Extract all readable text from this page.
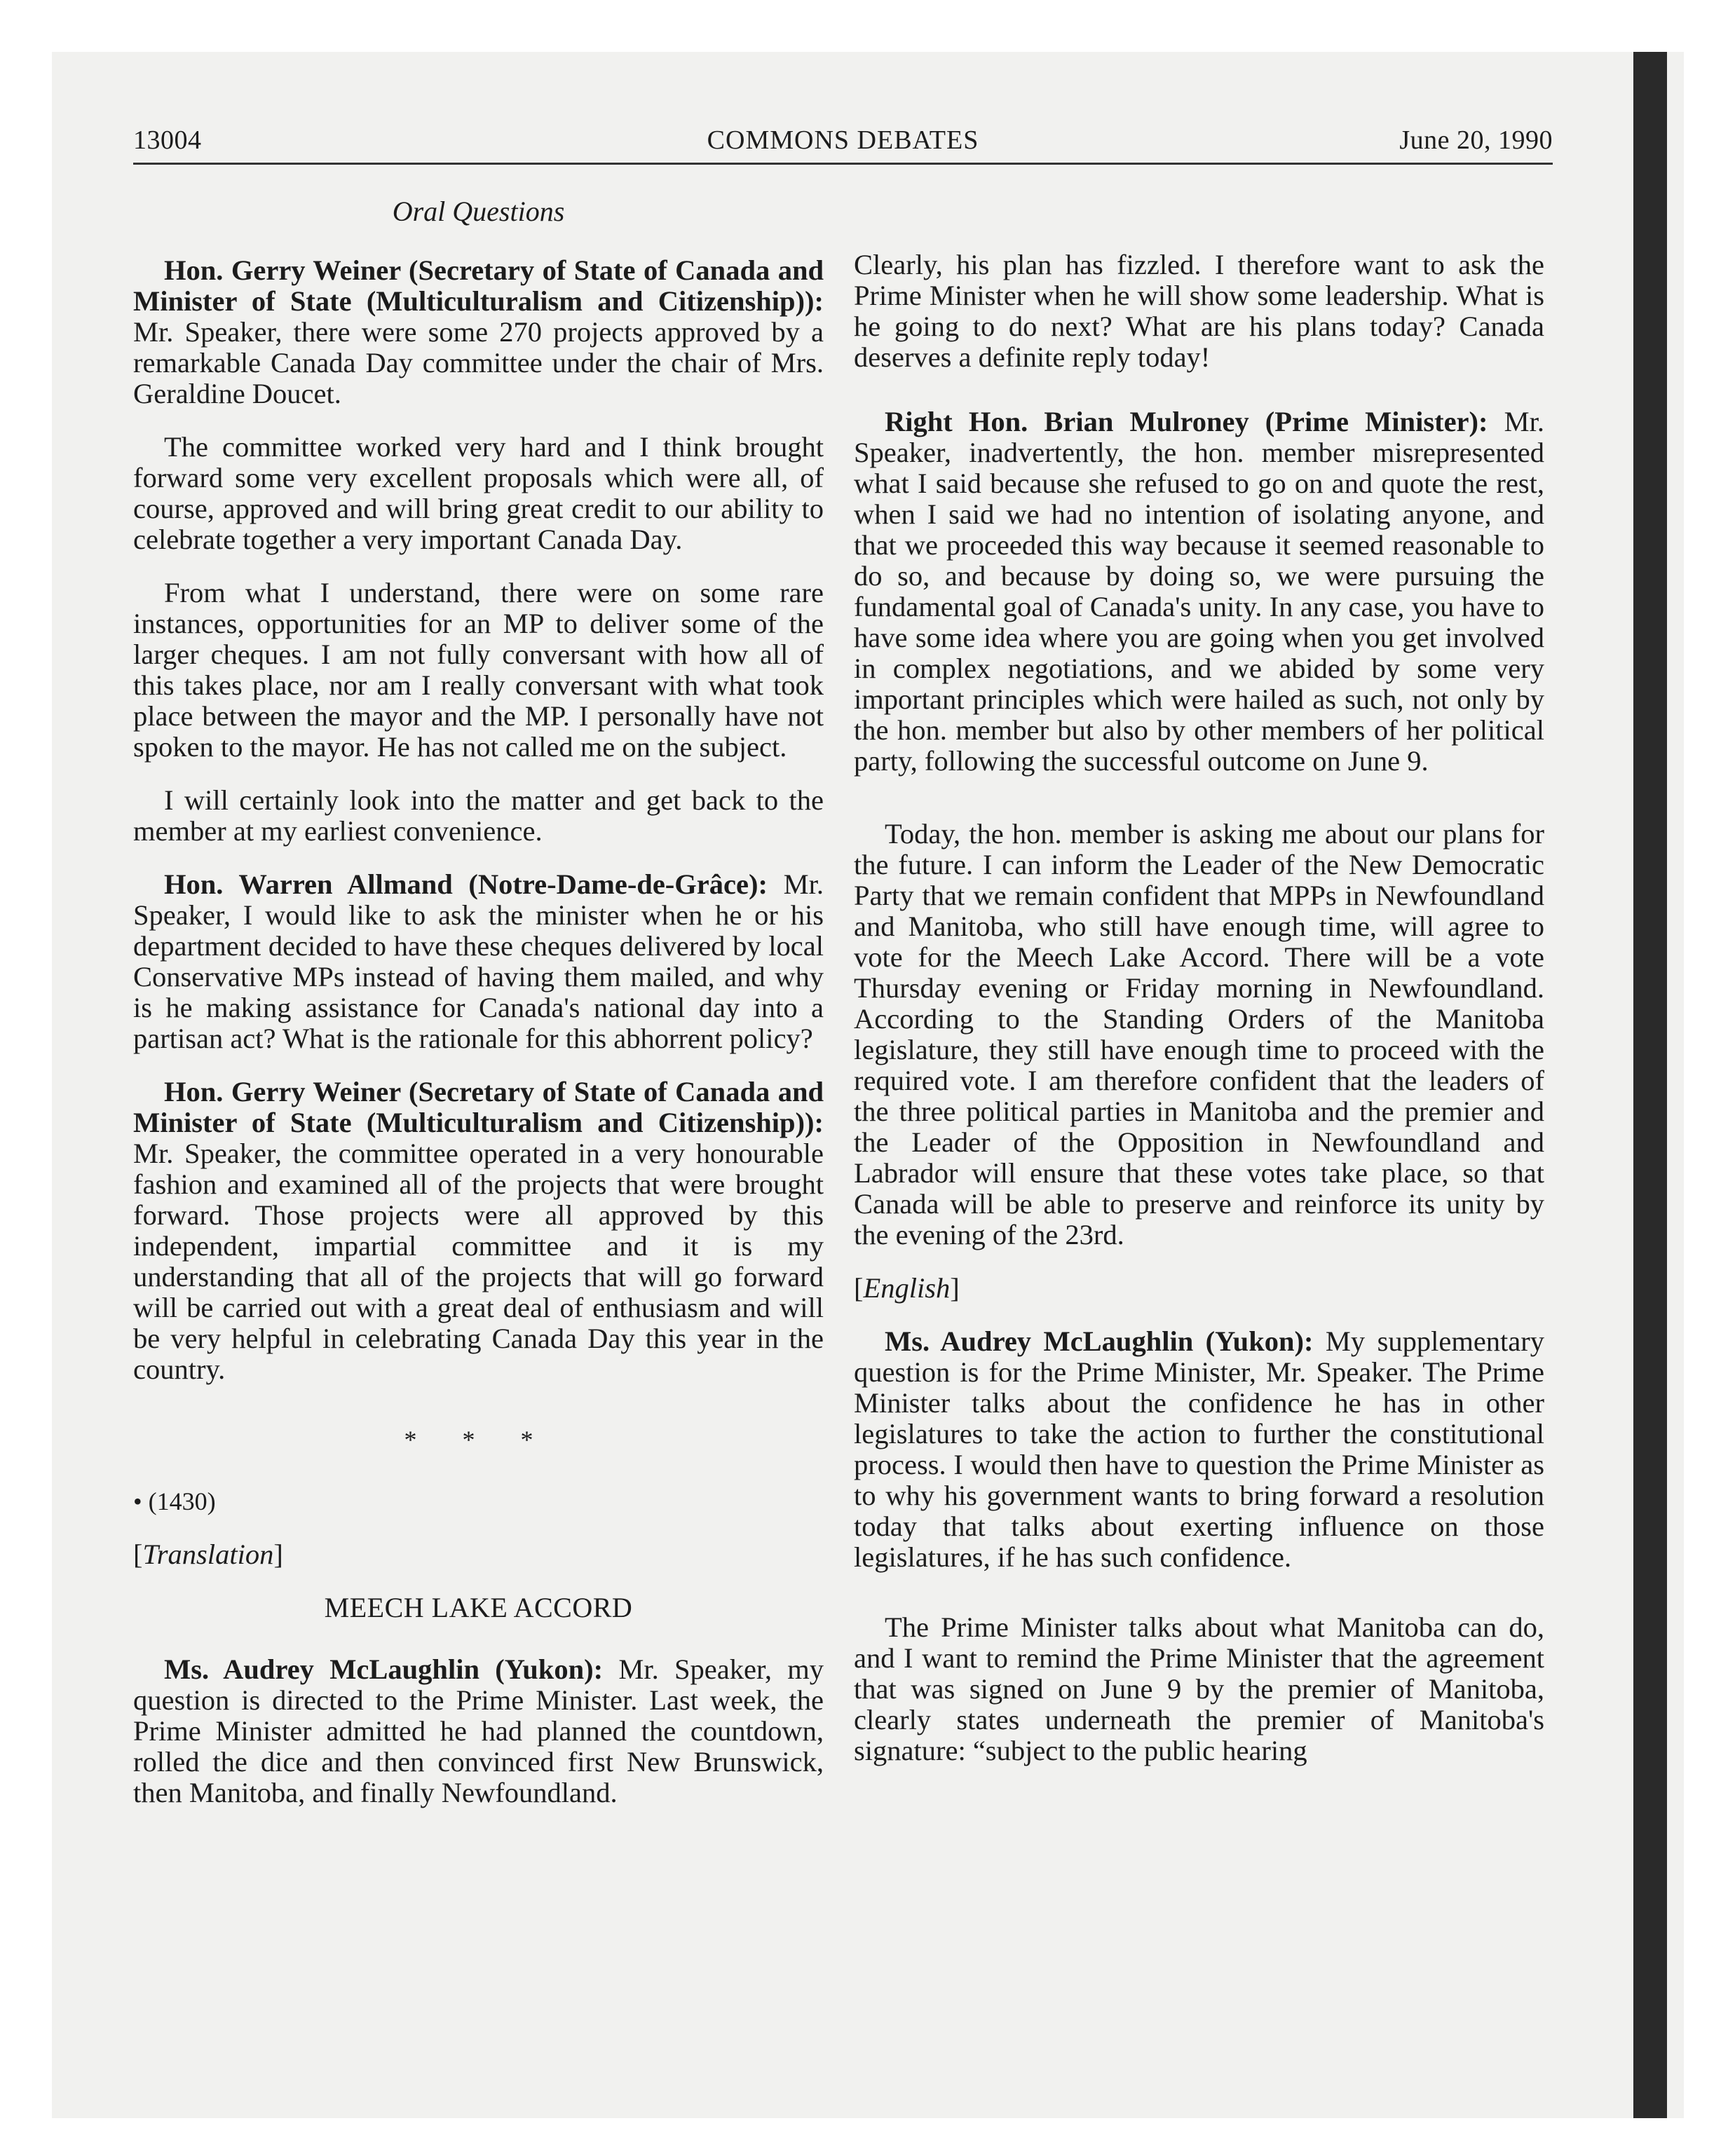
13004	COMMONS DEBATES	June 20, 1990
Oral Questions

Hon. Gerry Weiner (Secretary of State of Canada and Minister of State (Multiculturalism and Citizenship)): Mr. Speaker, there were some 270 projects approved by a remarkable Canada Day committee under the chair of Mrs. Geraldine Doucet.

The committee worked very hard and I think brought forward some very excellent proposals which were all, of course, approved and will bring great credit to our ability to celebrate together a very important Canada Day.

From what I understand, there were on some rare instances, opportunities for an MP to deliver some of the larger cheques. I am not fully conversant with how all of this takes place, nor am I really conversant with what took place between the mayor and the MP. I personally have not spoken to the mayor. He has not called me on the subject.

I will certainly look into the matter and get back to the member at my earliest convenience.

Hon. Warren Allmand (Notre-Dame-de-Grâce): Mr. Speaker, I would like to ask the minister when he or his department decided to have these cheques delivered by local Conservative MPs instead of having them mailed, and why is he making assistance for Canada's national day into a partisan act? What is the rationale for this abhorrent policy?

Hon. Gerry Weiner (Secretary of State of Canada and Minister of State (Multiculturalism and Citizenship)): Mr. Speaker, the committee operated in a very honourable fashion and examined all of the projects that were brought forward. Those projects were all approved by this independent, impartial committee and it is my understanding that all of the projects that will go forward will be carried out with a great deal of enthusiasm and will be very helpful in celebrating Canada Day this year in the country.

* * *

• (1430)

[Translation]

MEECH LAKE ACCORD

Ms. Audrey McLaughlin (Yukon): Mr. Speaker, my question is directed to the Prime Minister. Last week, the Prime Minister admitted he had planned the countdown, rolled the dice and then convinced first New Brunswick, then Manitoba, and finally Newfoundland.

Clearly, his plan has fizzled. I therefore want to ask the Prime Minister when he will show some leadership. What is he going to do next? What are his plans today? Canada deserves a definite reply today!

Right Hon. Brian Mulroney (Prime Minister): Mr. Speaker, inadvertently, the hon. member misrepresented what I said because she refused to go on and quote the rest, when I said we had no intention of isolating anyone, and that we proceeded this way because it seemed reasonable to do so, and because by doing so, we were pursuing the fundamental goal of Canada's unity. In any case, you have to have some idea where you are going when you get involved in complex negotiations, and we abided by some very important principles which were hailed as such, not only by the hon. member but also by other members of her political party, following the successful outcome on June 9.

Today, the hon. member is asking me about our plans for the future. I can inform the Leader of the New Democratic Party that we remain confident that MPPs in Newfoundland and Manitoba, who still have enough time, will agree to vote for the Meech Lake Accord. There will be a vote Thursday evening or Friday morning in Newfoundland. According to the Standing Orders of the Manitoba legislature, they still have enough time to proceed with the required vote. I am therefore confident that the leaders of the three political parties in Manitoba and the premier and the Leader of the Opposition in Newfoundland and Labrador will ensure that these votes take place, so that Canada will be able to preserve and reinforce its unity by the evening of the 23rd.

[English]

Ms. Audrey McLaughlin (Yukon): My supplementary question is for the Prime Minister, Mr. Speaker. The Prime Minister talks about the confidence he has in other legislatures to take the action to further the constitutional process. I would then have to question the Prime Minister as to why his government wants to bring forward a resolution today that talks about exerting influence on those legislatures, if he has such confidence.

The Prime Minister talks about what Manitoba can do, and I want to remind the Prime Minister that the agreement that was signed on June 9 by the premier of Manitoba, clearly states underneath the premier of Manitoba's signature: “subject to the public hearing
